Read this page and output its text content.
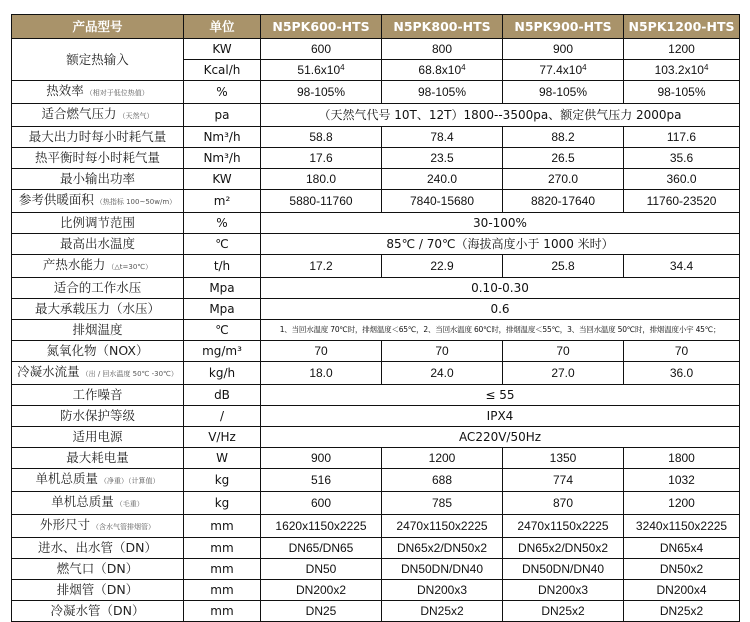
产品型号	单位	N5PK600-HTS	N5PK800-HTS	N5PK900-HTS	N5PK1200-HTS
额定热输入	KW	600	800	900	1200
	Kcal/h	$51.6x10^4$	$68.8x10^4$	$77.4x10^4$	$103.2x10^4$
热效率 （相对于低位热值）	%	98-105%	98-105%	98-105%	98-105%
适合燃气压力 （天然气）	pa	（天然气代号 10T、12T）1800--3500pa、额定供气压力 2000pa			
最大出力时每小时耗气量	Nm³/h	58.8	78.4	88.2	117.6
热平衡时每小时耗气量	Nm³/h	17.6	23.5	26.5	35.6
最小输出功率	KW	180.0	240.0	270.0	360.0
参考供暖面积 （热指标 100~50w/m）	m²	5880-11760	7840-15680	8820-17640	11760-23520
比例调节范围	%	30-100%			
最高出水温度	℃	85℃ / 70℃（海拔高度小于 1000 米时）			
产热水能力 （△t=30℃）	t/h	17.2	22.9	25.8	34.4
适合的工作水压	Mpa	0.10-0.30			
最大承载压力（水压）	Mpa	0.6			
排烟温度	℃	1、当回水温度 70℃时，排烟温度＜65℃，2、当回水温度 60℃时，排烟温度＜55℃，3、当回水温度 50℃时，排烟温度小宇 45℃；			
氮氧化物（NOX）	mg/m³	70	70	70	70
冷凝水流量 （出 / 回水温度 50℃ -30℃）	kg/h	18.0	24.0	27.0	36.0
工作噪音	dB	≤ 55			
防水保护等级	/	IPX4			
适用电源	V/Hz	AC220V/50Hz			
最大耗电量	W	900	1200	1350	1800
单机总质量 （净重）（计算值）	kg	516	688	774	1032
单机总质量 （毛重）	kg	600	785	870	1200
外形尺寸 （含水气管排烟管）	mm	1620x1150x2225	2470x1150x2225	2470x1150x2225	3240x1150x2225
进水、出水管（DN）	mm	DN65/DN65	DN65x2/DN50x2	DN65x2/DN50x2	DN65x4
燃气口（DN）	mm	DN50	DN50DN/DN40	DN50DN/DN40	DN50x2
排烟管（DN）	mm	DN200x2	DN200x3	DN200x3	DN200x4
冷凝水管（DN）	mm	DN25	DN25x2	DN25x2	DN25x2
